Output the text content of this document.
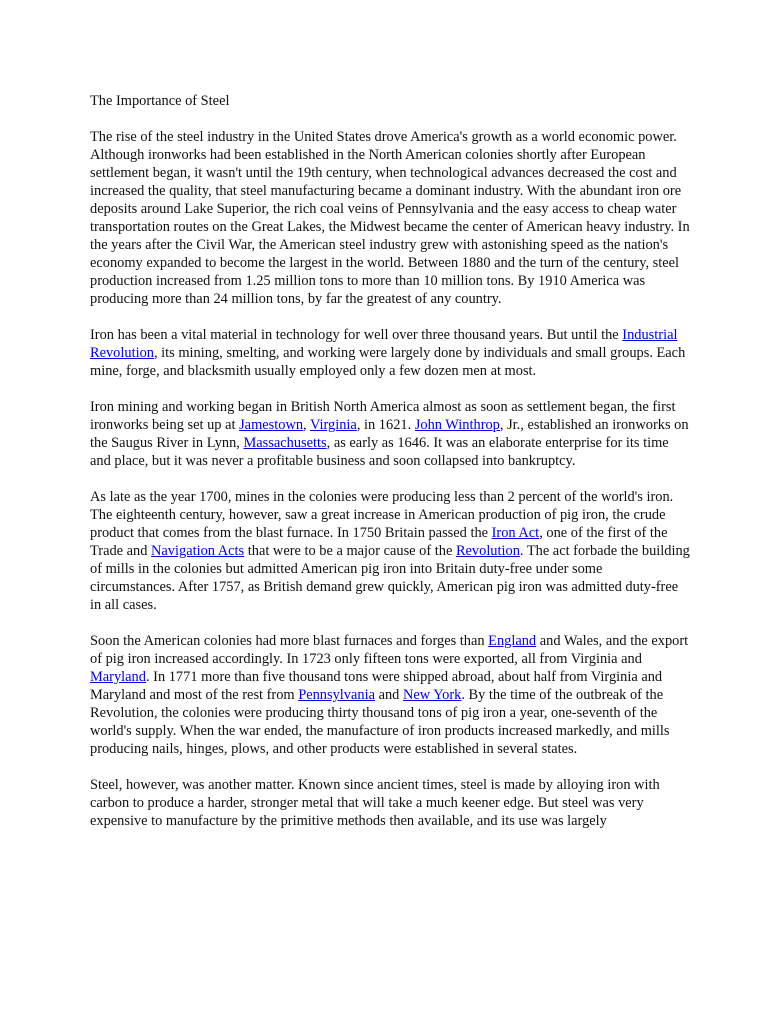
The Importance of Steel

The rise of the steel industry in the United States drove America's growth as a world economic power. Although ironworks had been established in the North American colonies shortly after European settlement began, it wasn't until the 19th century, when technological advances decreased the cost and increased the quality, that steel manufacturing became a dominant industry. With the abundant iron ore deposits around Lake Superior, the rich coal veins of Pennsylvania and the easy access to cheap water transportation routes on the Great Lakes, the Midwest became the center of American heavy industry. In the years after the Civil War, the American steel industry grew with astonishing speed as the nation's economy expanded to become the largest in the world. Between 1880 and the turn of the century, steel production increased from 1.25 million tons to more than 10 million tons. By 1910 America was producing more than 24 million tons, by far the greatest of any country.

Iron has been a vital material in technology for well over three thousand years. But until the Industrial Revolution, its mining, smelting, and working were largely done by individuals and small groups. Each mine, forge, and blacksmith usually employed only a few dozen men at most.

Iron mining and working began in British North America almost as soon as settlement began, the first ironworks being set up at Jamestown, Virginia, in 1621. John Winthrop, Jr., established an ironworks on the Saugus River in Lynn, Massachusetts, as early as 1646. It was an elaborate enterprise for its time and place, but it was never a profitable business and soon collapsed into bankruptcy.

As late as the year 1700, mines in the colonies were producing less than 2 percent of the world's iron. The eighteenth century, however, saw a great increase in American production of pig iron, the crude product that comes from the blast furnace. In 1750 Britain passed the Iron Act, one of the first of the Trade and Navigation Acts that were to be a major cause of the Revolution. The act forbade the building of mills in the colonies but admitted American pig iron into Britain duty-free under some circumstances. After 1757, as British demand grew quickly, American pig iron was admitted duty-free in all cases.

Soon the American colonies had more blast furnaces and forges than England and Wales, and the export of pig iron increased accordingly. In 1723 only fifteen tons were exported, all from Virginia and Maryland. In 1771 more than five thousand tons were shipped abroad, about half from Virginia and Maryland and most of the rest from Pennsylvania and New York. By the time of the outbreak of the Revolution, the colonies were producing thirty thousand tons of pig iron a year, one-seventh of the world's supply. When the war ended, the manufacture of iron products increased markedly, and mills producing nails, hinges, plows, and other products were established in several states.

Steel, however, was another matter. Known since ancient times, steel is made by alloying iron with carbon to produce a harder, stronger metal that will take a much keener edge. But steel was very expensive to manufacture by the primitive methods then available, and its use was largely
